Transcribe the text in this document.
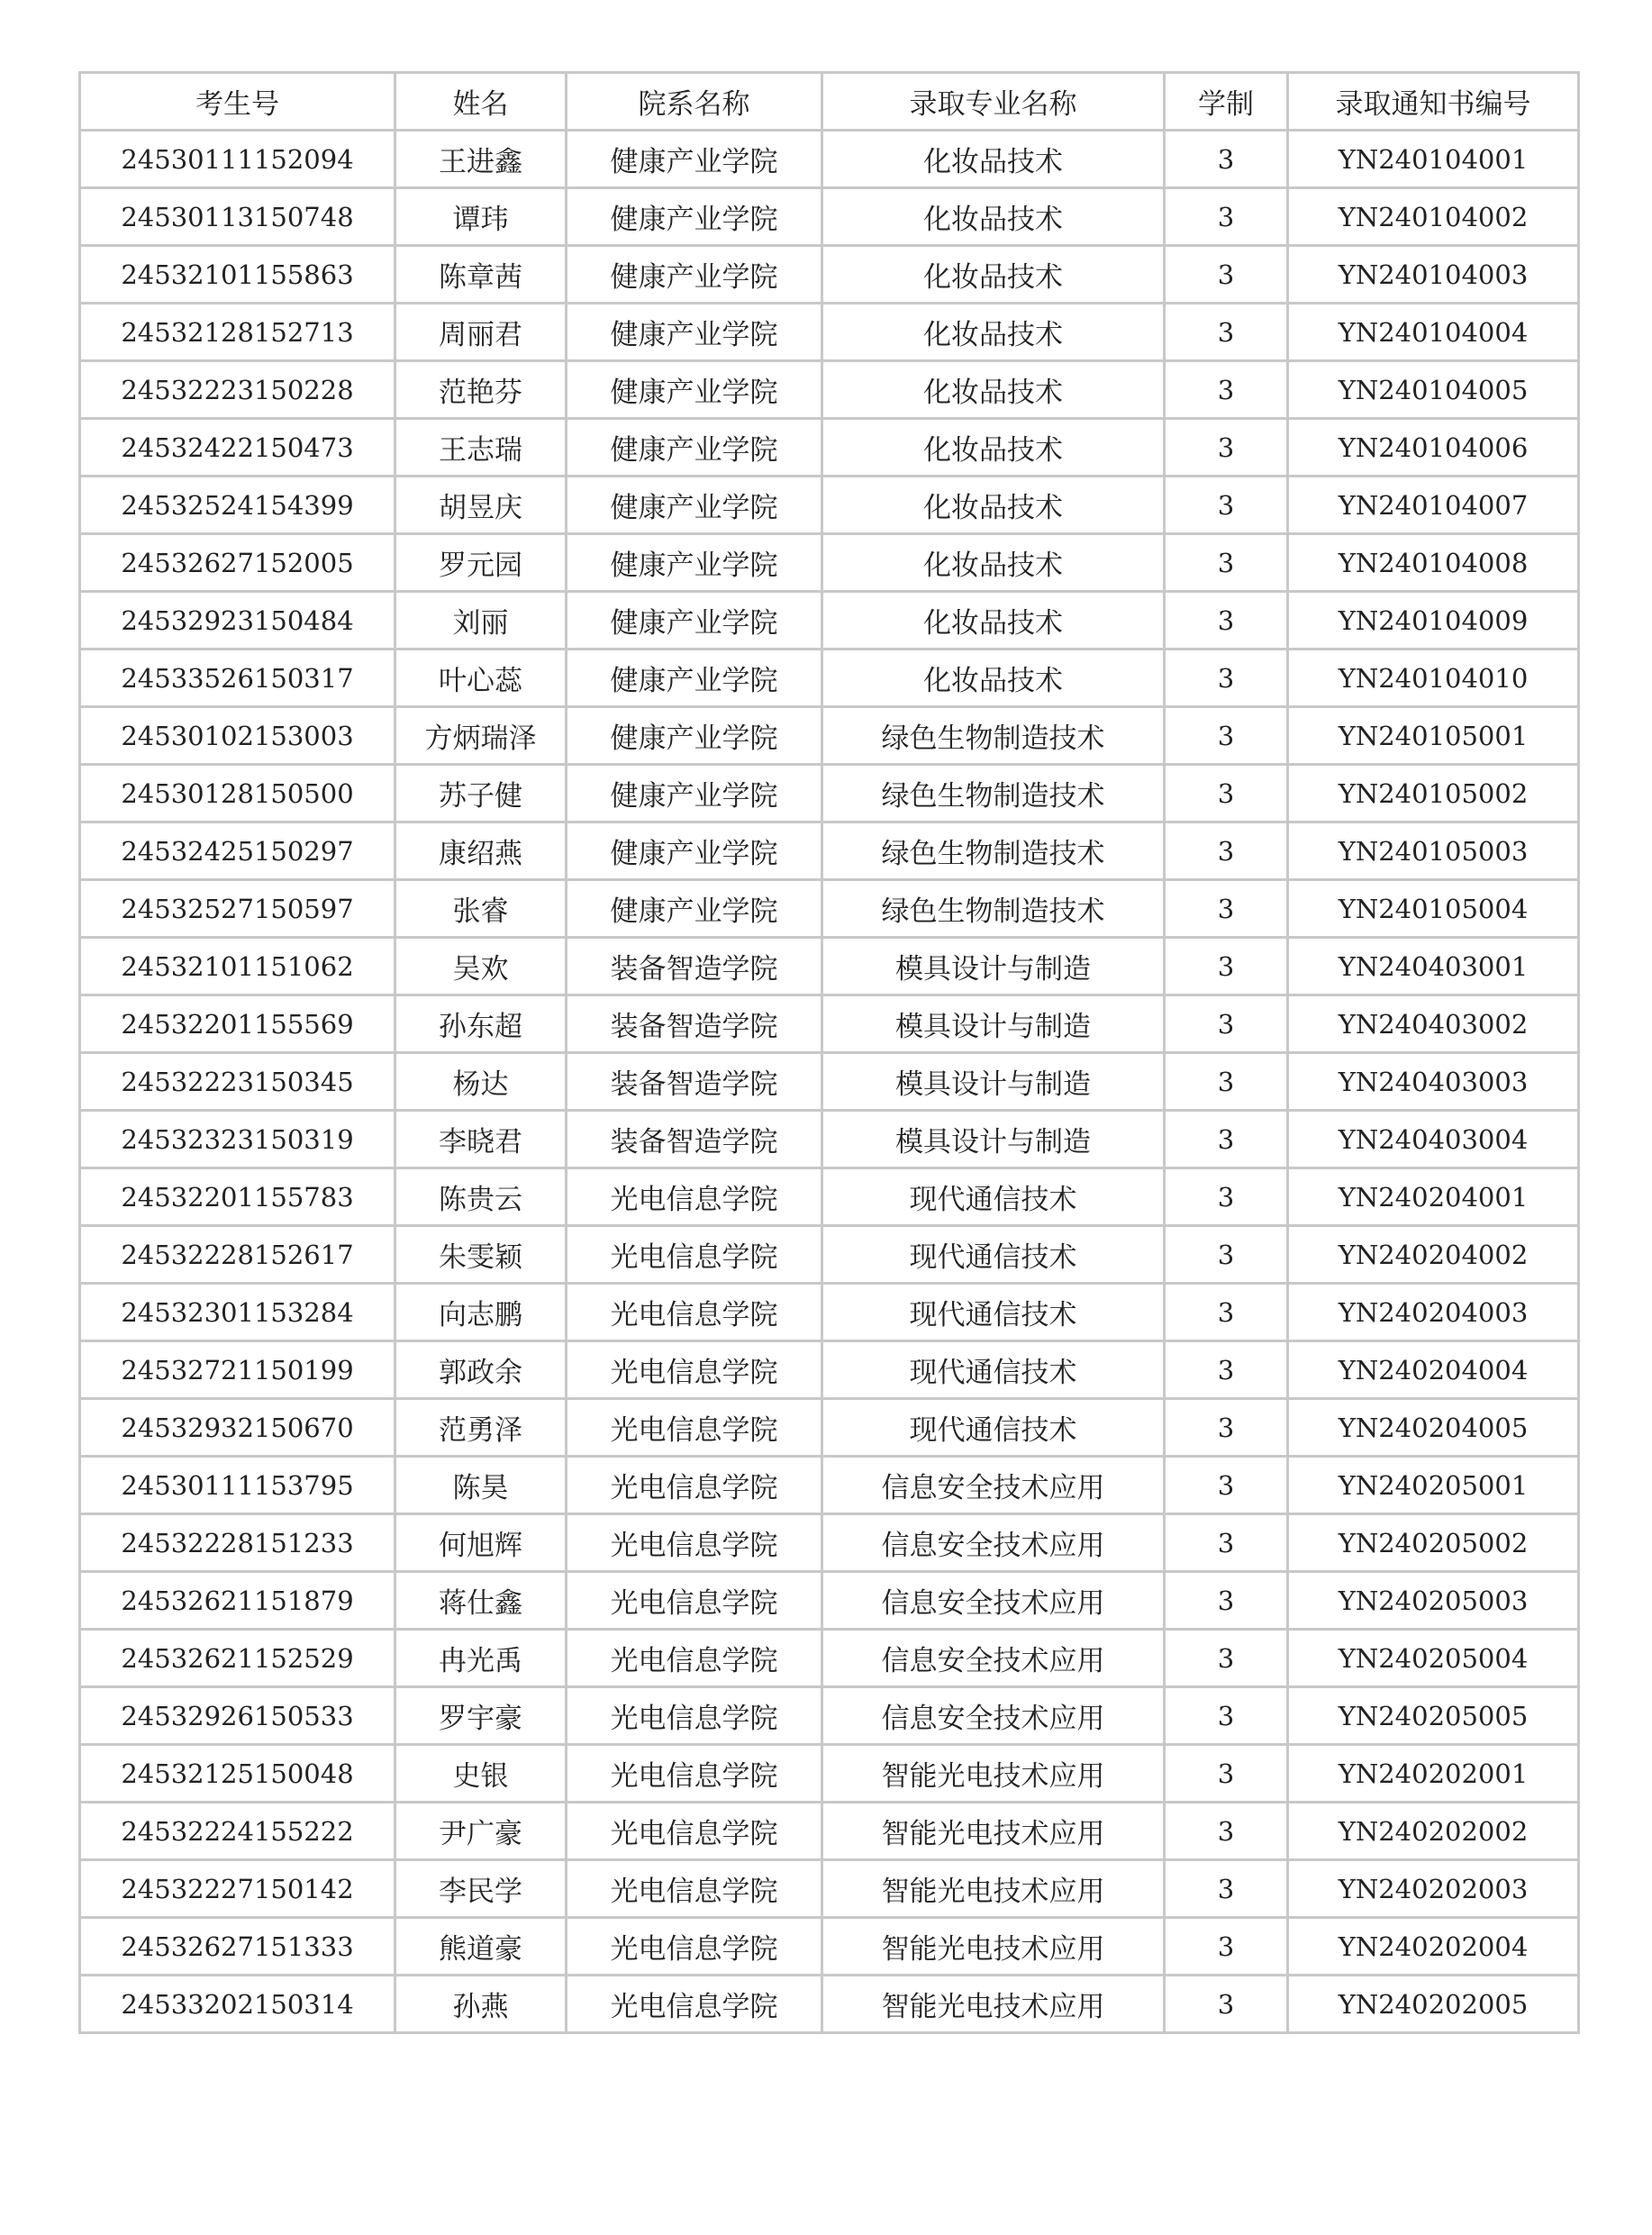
考生号	姓名	院系名称	录取专业名称	学制	录取通知书编号
24530111152094	王进鑫	健康产业学院	化妆品技术	3	YN240104001
24530113150748	谭玮	健康产业学院	化妆品技术	3	YN240104002
24532101155863	陈章茜	健康产业学院	化妆品技术	3	YN240104003
24532128152713	周丽君	健康产业学院	化妆品技术	3	YN240104004
24532223150228	范艳芬	健康产业学院	化妆品技术	3	YN240104005
24532422150473	王志瑞	健康产业学院	化妆品技术	3	YN240104006
24532524154399	胡昱庆	健康产业学院	化妆品技术	3	YN240104007
24532627152005	罗元园	健康产业学院	化妆品技术	3	YN240104008
24532923150484	刘丽	健康产业学院	化妆品技术	3	YN240104009
24533526150317	叶心蕊	健康产业学院	化妆品技术	3	YN240104010
24530102153003	方炳瑞泽	健康产业学院	绿色生物制造技术	3	YN240105001
24530128150500	苏子健	健康产业学院	绿色生物制造技术	3	YN240105002
24532425150297	康绍燕	健康产业学院	绿色生物制造技术	3	YN240105003
24532527150597	张睿	健康产业学院	绿色生物制造技术	3	YN240105004
24532101151062	吴欢	装备智造学院	模具设计与制造	3	YN240403001
24532201155569	孙东超	装备智造学院	模具设计与制造	3	YN240403002
24532223150345	杨达	装备智造学院	模具设计与制造	3	YN240403003
24532323150319	李晓君	装备智造学院	模具设计与制造	3	YN240403004
24532201155783	陈贵云	光电信息学院	现代通信技术	3	YN240204001
24532228152617	朱雯颖	光电信息学院	现代通信技术	3	YN240204002
24532301153284	向志鹏	光电信息学院	现代通信技术	3	YN240204003
24532721150199	郭政余	光电信息学院	现代通信技术	3	YN240204004
24532932150670	范勇泽	光电信息学院	现代通信技术	3	YN240204005
24530111153795	陈昊	光电信息学院	信息安全技术应用	3	YN240205001
24532228151233	何旭辉	光电信息学院	信息安全技术应用	3	YN240205002
24532621151879	蒋仕鑫	光电信息学院	信息安全技术应用	3	YN240205003
24532621152529	冉光禹	光电信息学院	信息安全技术应用	3	YN240205004
24532926150533	罗宇豪	光电信息学院	信息安全技术应用	3	YN240205005
24532125150048	史银	光电信息学院	智能光电技术应用	3	YN240202001
24532224155222	尹广豪	光电信息学院	智能光电技术应用	3	YN240202002
24532227150142	李民学	光电信息学院	智能光电技术应用	3	YN240202003
24532627151333	熊道豪	光电信息学院	智能光电技术应用	3	YN240202004
24533202150314	孙燕	光电信息学院	智能光电技术应用	3	YN240202005
